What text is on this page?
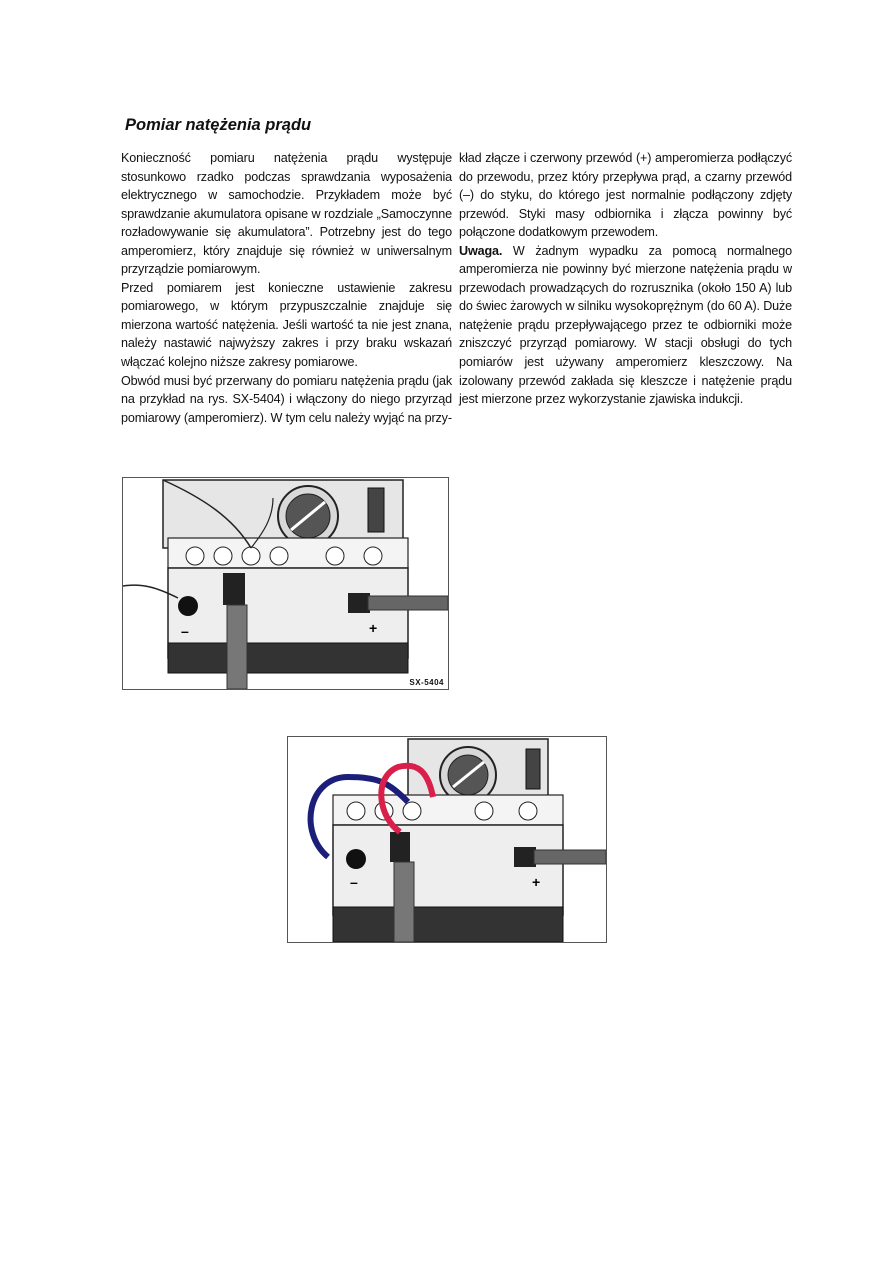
Pomiar natężenia prądu

Konieczność pomiaru natężenia prądu występuje stosunkowo rzadko podczas sprawdzania wyposażenia elektrycznego w samochodzie. Przykładem może być sprawdzanie akumulatora opisane w rozdziale „Samoczynne rozładowywanie się akumulatora”. Potrzebny jest do tego amperomierz, który znajduje się również w uniwersalnym przyrządzie pomiarowym.

Przed pomiarem jest konieczne ustawienie zakresu pomiarowego, w którym przypuszczalnie znajduje się mierzona wartość natężenia. Jeśli wartość ta nie jest znana, należy nastawić najwyższy zakres i przy braku wskazań włączać kolejno niższe zakresy pomiarowe.

Obwód musi być przerwany do pomiaru natężenia prądu (jak na przykład na rys. SX-5404) i włączony do niego przyrząd pomiarowy (amperomierz). W tym celu należy wyjąć na przy-

kład złącze i czerwony przewód (+) amperomierza podłączyć do przewodu, przez który przepływa prąd, a czarny przewód (–) do styku, do którego jest normalnie podłączony zdjęty przewód. Styki masy odbiornika i złącza powinny być połączone dodatkowym przewodem.

Uwaga. W żadnym wypadku za pomocą normalnego amperomierza nie powinny być mierzone natężenia prądu w przewodach prowadzących do rozrusznika (około 150 A) lub do świec żarowych w silniku wysokoprężnym (do 60 A). Duże natężenie prądu przepływającego przez te odbiorniki może zniszczyć przyrząd pomiarowy. W stacji obsługi do tych pomiarów jest używany amperomierz kleszczowy. Na izolowany przewód zakłada się kleszcze i natężenie prądu jest mierzone przez wykorzystanie zjawiska indukcji.

–	+
SX-5404
–	+
